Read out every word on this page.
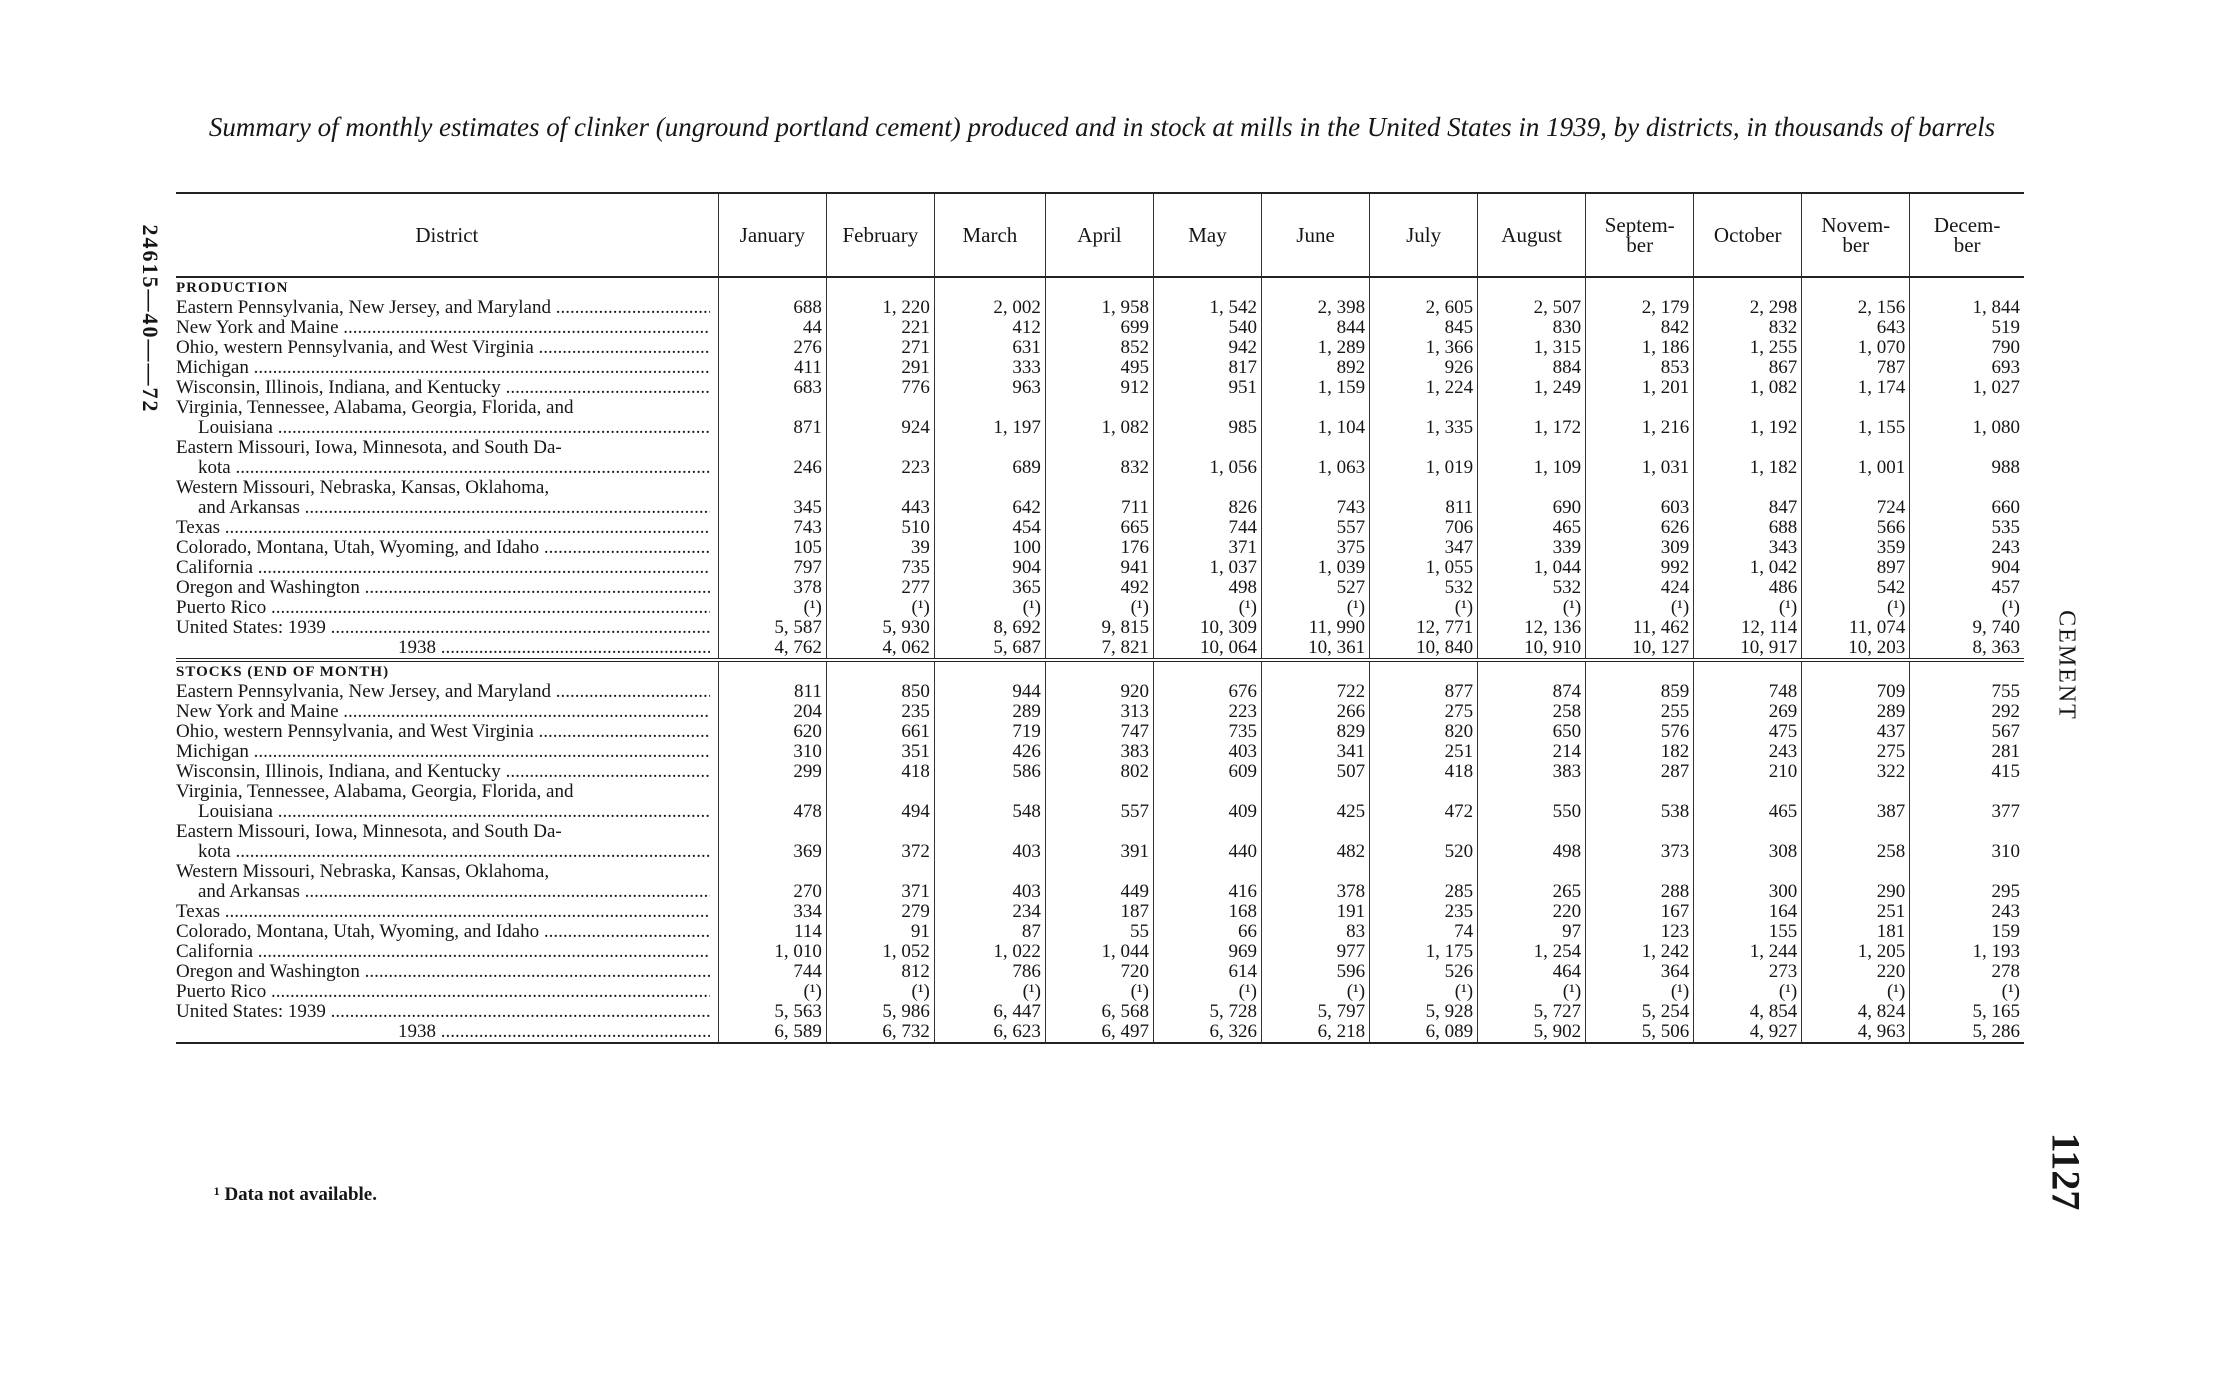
Summary of monthly estimates of clinker (unground portland cement) produced and in stock at mills in the United States in 1939, by districts, in thousands of barrels
24615—40——72
CEMENT
1127
District	January	February	March	April	May	June	July	August	Septem-
ber	October	Novem-
ber	Decem-
ber
PRODUCTION												

Eastern Pennsylvania, New Jersey, and Maryland .....	688	1, 220	2, 002	1, 958	1, 542	2, 398	2, 605	2, 507	2, 179	2, 298	2, 156	1, 844

New York and Maine .....	44	221	412	699	540	844	845	830	842	832	643	519

Ohio, western Pennsylvania, and West Virginia .....	276	271	631	852	942	1, 289	1, 366	1, 315	1, 186	1, 255	1, 070	790

Michigan .....	411	291	333	495	817	892	926	884	853	867	787	693

Wisconsin, Illinois, Indiana, and Kentucky .....	683	776	963	912	951	1, 159	1, 224	1, 249	1, 201	1, 082	1, 174	1, 027

Virginia, Tennessee, Alabama, Georgia, Florida, and
Louisiana .....	871	924	1, 197	1, 082	985	1, 104	1, 335	1, 172	1, 216	1, 192	1, 155	1, 080

Eastern Missouri, Iowa, Minnesota, and South Da-
kota .....	246	223	689	832	1, 056	1, 063	1, 019	1, 109	1, 031	1, 182	1, 001	988

Western Missouri, Nebraska, Kansas, Oklahoma,
and Arkansas .....	345	443	642	711	826	743	811	690	603	847	724	660

Texas .....	743	510	454	665	744	557	706	465	626	688	566	535

Colorado, Montana, Utah, Wyoming, and Idaho .....	105	39	100	176	371	375	347	339	309	343	359	243

California .....	797	735	904	941	1, 037	1, 039	1, 055	1, 044	992	1, 042	897	904

Oregon and Washington .....	378	277	365	492	498	527	532	532	424	486	542	457

Puerto Rico .....	(¹)	(¹)	(¹)	(¹)	(¹)	(¹)	(¹)	(¹)	(¹)	(¹)	(¹)	(¹)

United States: 1939 .....	5, 587	5, 930	8, 692	9, 815	10, 309	11, 990	12, 771	12, 136	11, 462	12, 114	11, 074	9, 740

1938 .....	4, 762	4, 062	5, 687	7, 821	10, 064	10, 361	10, 840	10, 910	10, 127	10, 917	10, 203	8, 363
STOCKS (END OF MONTH)												

Eastern Pennsylvania, New Jersey, and Maryland .....	811	850	944	920	676	722	877	874	859	748	709	755

New York and Maine .....	204	235	289	313	223	266	275	258	255	269	289	292

Ohio, western Pennsylvania, and West Virginia .....	620	661	719	747	735	829	820	650	576	475	437	567

Michigan .....	310	351	426	383	403	341	251	214	182	243	275	281

Wisconsin, Illinois, Indiana, and Kentucky .....	299	418	586	802	609	507	418	383	287	210	322	415

Virginia, Tennessee, Alabama, Georgia, Florida, and
Louisiana .....	478	494	548	557	409	425	472	550	538	465	387	377

Eastern Missouri, Iowa, Minnesota, and South Da-
kota .....	369	372	403	391	440	482	520	498	373	308	258	310

Western Missouri, Nebraska, Kansas, Oklahoma,
and Arkansas .....	270	371	403	449	416	378	285	265	288	300	290	295

Texas .....	334	279	234	187	168	191	235	220	167	164	251	243

Colorado, Montana, Utah, Wyoming, and Idaho .....	114	91	87	55	66	83	74	97	123	155	181	159

California .....	1, 010	1, 052	1, 022	1, 044	969	977	1, 175	1, 254	1, 242	1, 244	1, 205	1, 193

Oregon and Washington .....	744	812	786	720	614	596	526	464	364	273	220	278

Puerto Rico .....	(¹)	(¹)	(¹)	(¹)	(¹)	(¹)	(¹)	(¹)	(¹)	(¹)	(¹)	(¹)

United States: 1939 .....	5, 563	5, 986	6, 447	6, 568	5, 728	5, 797	5, 928	5, 727	5, 254	4, 854	4, 824	5, 165

1938 .....	6, 589	6, 732	6, 623	6, 497	6, 326	6, 218	6, 089	5, 902	5, 506	4, 927	4, 963	5, 286
¹ Data not available.
